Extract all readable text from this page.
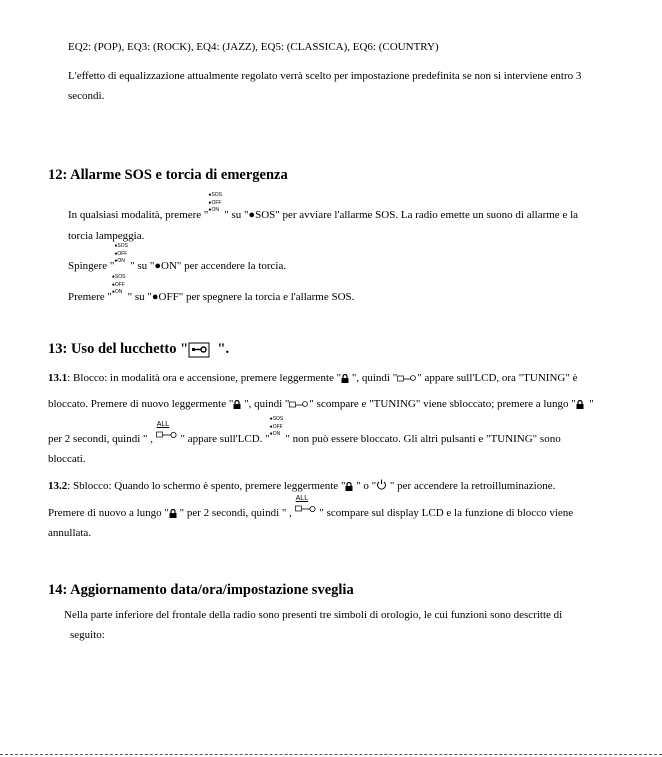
EQ2: (POP), EQ3: (ROCK), EQ4: (JAZZ), EQ5: (CLASSICA), EQ6: (COUNTRY)
L'effetto di equalizzazione attualmente regolato verrà scelto per impostazione predefinita se non si interviene entro 3
secondi.
12: Allarme SOS e torcia di emergenza
In qualsiasi modalità, premere "
●SOS
●OFF
●ON " su "●SOS" per avviare l'allarme SOS. La radio emette un suono di allarme e la
torcia lampeggia.
Spingere "
●SOS
●OFF
●ON " su "●ON" per accendere la torcia.
Premere "
●SOS
●OFF
●ON " su "●OFF" per spegnere la torcia e l'allarme SOS.
13: Uso del lucchetto " ".
13.1: Blocco: in modalità ora e accensione, premere leggermente " ", quindi " " appare sull'LCD, ora "TUNING" è
bloccato. Premere di nuovo leggermente " ", quindi " " scompare e "TUNING" viene sbloccato; premere a lungo " "
per 2 secondi, quindi " ,
ALL
" appare sull'LCD. "
●SOS
●OFF
●ON " non può essere bloccato. Gli altri pulsanti e "TUNING" sono
bloccati.
13.2: Sblocco: Quando lo schermo è spento, premere leggermente " " o " " per accendere la retroilluminazione.
Premere di nuovo a lungo " " per 2 secondi, quindi " ,
ALL
" scompare sul display LCD e la funzione di blocco viene
annullata.
14: Aggiornamento data/ora/impostazione sveglia
Nella parte inferiore del frontale della radio sono presenti tre simboli di orologio, le cui funzioni sono descritte di
seguito:
